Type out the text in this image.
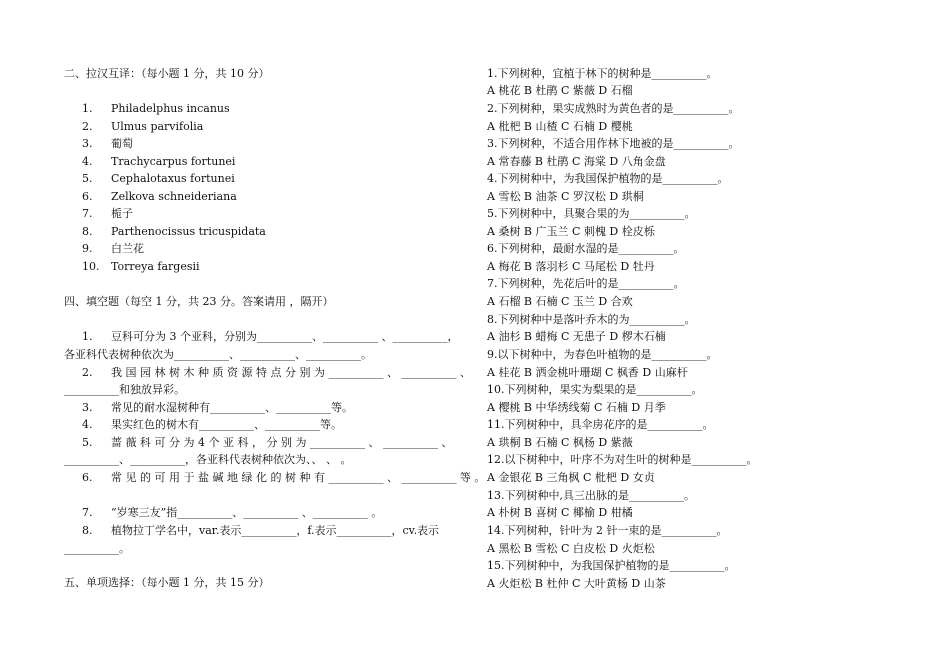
二、拉汉互译：（每小题 1 分，共 10 分）
1. Philadelphus incanus
2. Ulmus parvifolia
3. 葡萄
4. Trachycarpus fortunei
5. Cephalotaxus fortunei
6. Zelkova schneideriana
7. 栀子
8. Parthenocissus tricuspidata
9. 白兰花
10. Torreya fargesii
四、填空题（每空 1 分，共 23 分。答案请用 ，隔开）
1. 豆科可分为 3 个亚科，分别为__________、__________ 、__________，
各亚科代表树种依次为__________、__________、__________。
2. 我 国 园 林 树 木 种 质 资 源 特 点 分 别 为 __________ 、 __________ 、
__________和独放异彩。
3. 常见的耐水湿树种有__________、__________等。
4. 果实红色的树木有__________、__________等。
5. 蔷 薇 科 可 分 为 4 个 亚 科 ， 分 别 为 __________ 、 __________ 、
__________、__________，各亚科代表树种依次为、、 、 。
6. 常 见 的 可 用 于 盐 碱 地 绿 化 的 树 种 有 __________ 、 __________ 等 。
7. “岁寒三友”指__________、__________ 、__________ 。
8. 植物拉丁学名中，var.表示__________，f.表示__________，cv.表示
__________。
五、单项选择：（每小题 1 分，共 15 分）
1.下列树种，宜植于林下的树种是__________。
A 桃花 B 杜鹃 C 紫薇 D 石榴
2.下列树种，果实成熟时为黄色者的是__________。
A 枇杷 B 山楂 C 石楠 D 樱桃
3.下列树种，不适合用作林下地被的是__________。
A 常春藤 B 杜鹃 C 海棠 D 八角金盘
4.下列树种中，为我国保护植物的是__________。
A 雪松 B 油茶 C 罗汉松 D 珙桐
5.下列树种中，具聚合果的为__________。
A 桑树 B 广玉兰 C 刺槐 D 栓皮栎
6.下列树种，最耐水湿的是__________。
A 梅花 B 落羽杉 C 马尾松 D 牡丹
7.下列树种，先花后叶的是__________。
A 石榴 B 石楠 C 玉兰 D 合欢
8.下列树种中是落叶乔木的为__________。
A 油杉 B 蜡梅 C 无患子 D 椤木石楠
9.以下树种中，为春色叶植物的是__________。
A 桂花 B 洒金桃叶珊瑚 C 枫香 D 山麻杆
10.下列树种，果实为梨果的是__________。
A 樱桃 B 中华绣线菊 C 石楠 D 月季
11.下列树种中，具伞房花序的是__________。
A 珙桐 B 石楠 C 枫杨 D 紫薇
12.以下树种中，叶序不为对生叶的树种是__________。
A 金银花 B 三角枫 C 枇杷 D 女贞
13.下列树种中,具三出脉的是__________。
A 朴树 B 喜树 C 椰榆 D 柑橘
14.下列树种，针叶为 2 针一束的是__________。
A 黑松 B 雪松 C 白皮松 D 火炬松
15.下列树种中，为我国保护植物的是__________。
A 火炬松 B 杜仲 C 大叶黄杨 D 山茶
